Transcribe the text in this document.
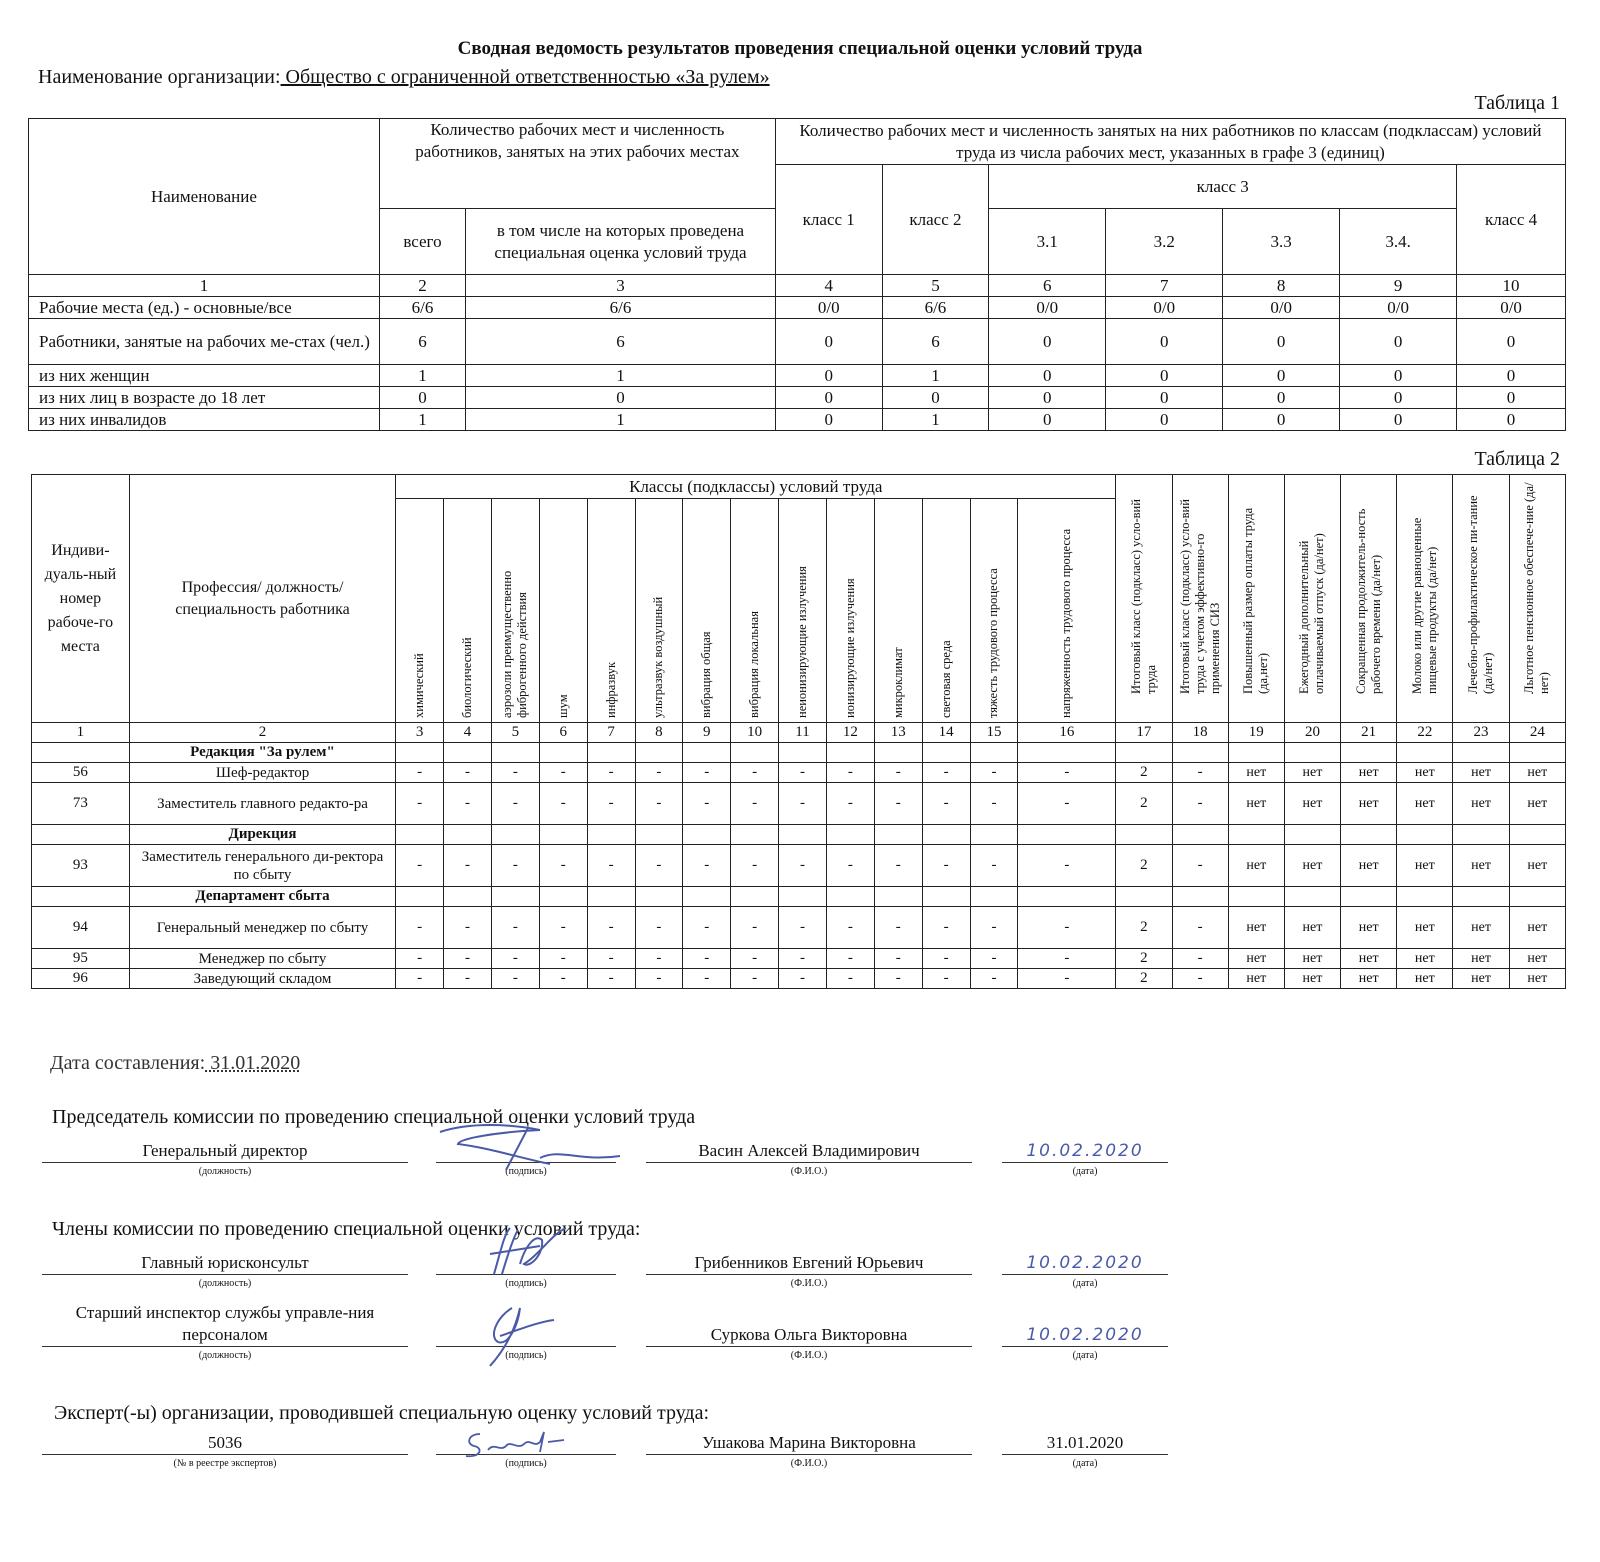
Сводная ведомость результатов проведения специальной оценки условий труда
Наименование организации: Общество с ограниченной ответственностью «За рулем»
Таблица 1
Наименование	Количество рабочих мест и численность работников, занятых на этих рабочих местах		Количество рабочих мест и численность занятых на них работников по классам (подклассам) условий труда из числа рабочих мест, указанных в графе 3 (единиц)						
			класс 1	класс 2	класс 3				класс 4
	всего	в том числе на которых проведена специальная оценка условий труда			3.1	3.2	3.3	3.4.	
1	2	3	4	5	6	7	8	9	10
Рабочие места (ед.) - основные/все	6/6	6/6	0/0	6/6	0/0	0/0	0/0	0/0	0/0
Работники, занятые на рабочих ме-стах (чел.)	6	6	0	6	0	0	0	0	0
из них женщин	1	1	0	1	0	0	0	0	0
из них лиц в возрасте до 18 лет	0	0	0	0	0	0	0	0	0
из них инвалидов	1	1	0	1	0	0	0	0	0
Таблица 2
Индиви-дуаль-ный номер рабоче-го места	Профессия/ должность/ специальность работника	Классы (подклассы) условий труда														Итоговый класс (подкласс) усло-вий труда	Итоговый класс (подкласс) усло-вий труда с учетом эффективно-го применения СИЗ	Повышенный размер оплаты труда (да,нет)	Ежегодный дополнительный оплачиваемый отпуск (да/нет)	Сокращенная продолжитель-ность рабочего времени (да/нет)	Молоко или другие равноценные пищевые продукты (да/нет)	Лечебно-профилактическое пи-тание (да/нет)	Льготное пенсионное обеспече-ние (да/нет)

		химический	биологический	аэрозоли преимущественно фиброгенного действия	шум	инфразвук	ультразвук воздушный	вибрация общая	вибрация локальная	неионизирующие излучения	ионизирующие излучения	микроклимат	световая среда	тяжесть трудового процесса	напряженность трудового процесса								

1	2	3	4	5	6	7	8	9	10	11	12	13	14	15	16	17	18	19	20	21	22	23	24
	Редакция "За рулем"																						
56	Шеф-редактор	-	-	-	-	-	-	-	-	-	-	-	-	-	-	2	-	нет	нет	нет	нет	нет	нет
73	Заместитель главного редакто-ра	-	-	-	-	-	-	-	-	-	-	-	-	-	-	2	-	нет	нет	нет	нет	нет	нет
	Дирекция																						
93	Заместитель генерального ди-ректора по сбыту	-	-	-	-	-	-	-	-	-	-	-	-	-	-	2	-	нет	нет	нет	нет	нет	нет
	Департамент сбыта																						
94	Генеральный менеджер по сбыту	-	-	-	-	-	-	-	-	-	-	-	-	-	-	2	-	нет	нет	нет	нет	нет	нет
95	Менеджер по сбыту	-	-	-	-	-	-	-	-	-	-	-	-	-	-	2	-	нет	нет	нет	нет	нет	нет
96	Заведующий складом	-	-	-	-	-	-	-	-	-	-	-	-	-	-	2	-	нет	нет	нет	нет	нет	нет
Дата составления: 31.01.2020
Председатель комиссии по проведению специальной оценки условий труда
Генеральный директор
(должность)	(подпись)
Васин Алексей Владимирович
(Ф.И.О.)
10.02.2020
(дата)
Члены комиссии по проведению специальной оценки условий труда:
Главный юрисконсульт
(должность)	(подпись)
Грибенников Евгений Юрьевич
(Ф.И.О.)
10.02.2020
(дата)
Старший инспектор службы управле-ния персоналом
(должность)	(подпись)
Суркова Ольга Викторовна
(Ф.И.О.)
10.02.2020
(дата)
Эксперт(-ы) организации, проводившей специальную оценку условий труда:
5036
(№ в реестре экспертов)	(подпись)
Ушакова Марина Викторовна
(Ф.И.О.)
31.01.2020
(дата)
